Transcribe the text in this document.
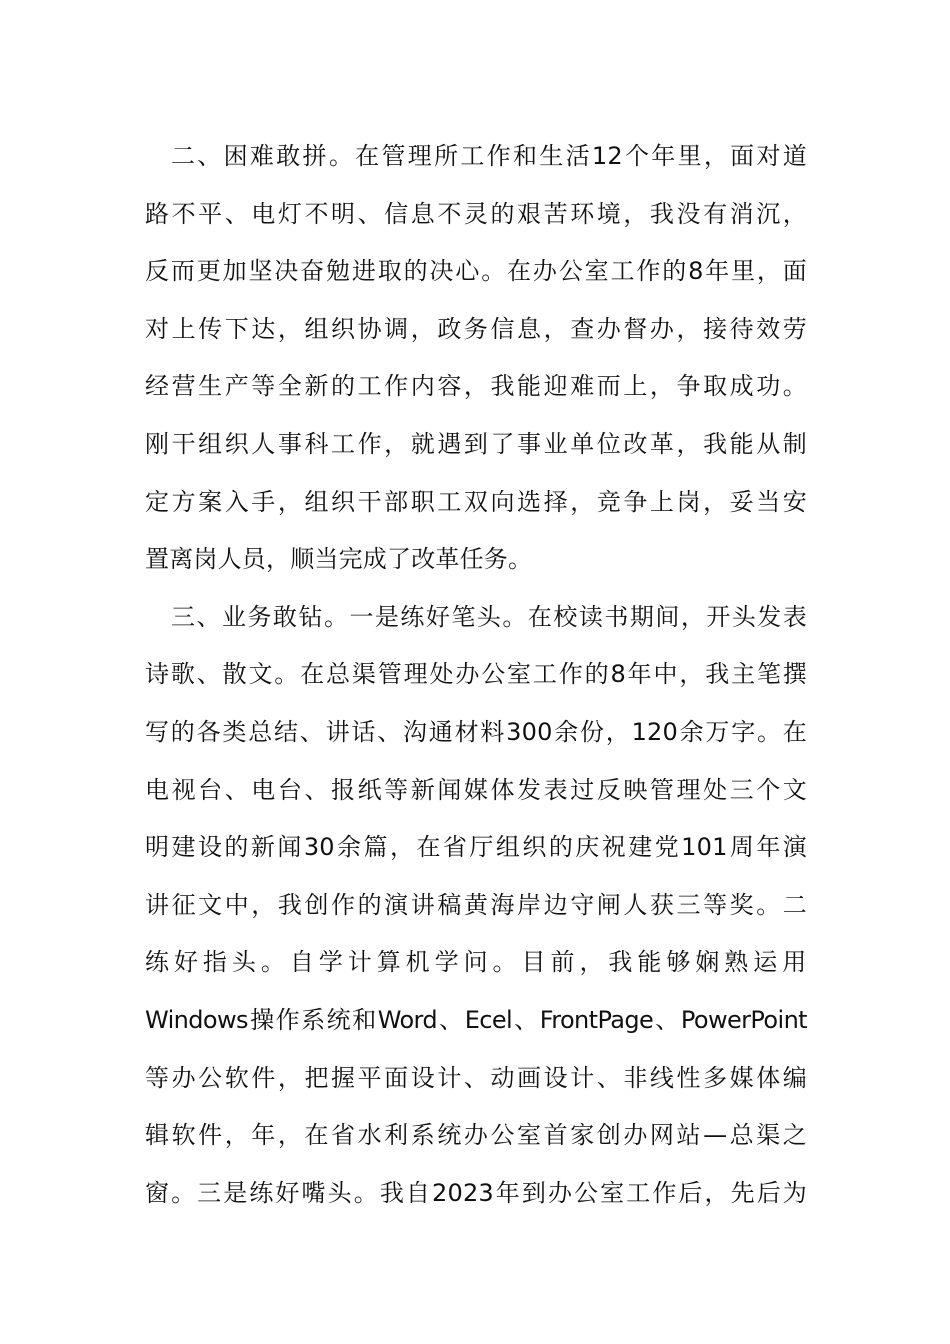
二、困难敢拼。在管理所工作和生活12个年里，面对道
路不平、电灯不明、信息不灵的艰苦环境，我没有消沉，
反而更加坚决奋勉进取的决心。在办公室工作的8年里，面
对上传下达，组织协调，政务信息，查办督办，接待效劳
经营生产等全新的工作内容，我能迎难而上，争取成功。
刚干组织人事科工作，就遇到了事业单位改革，我能从制
定方案入手，组织干部职工双向选择，竞争上岗，妥当安
置离岗人员，顺当完成了改革任务。
三、业务敢钻。一是练好笔头。在校读书期间，开头发表
诗歌、散文。在总渠管理处办公室工作的8年中，我主笔撰
写的各类总结、讲话、沟通材料300余份，120余万字。在
电视台、电台、报纸等新闻媒体发表过反映管理处三个文
明建设的新闻30余篇，在省厅组织的庆祝建党101周年演
讲征文中，我创作的演讲稿黄海岸边守闸人获三等奖。二
练好指头。自学计算机学问。目前，我能够娴熟运用
Windows操作系统和Word、Ecel、FrontPage、PowerPoint
等办公软件，把握平面设计、动画设计、非线性多媒体编
辑软件，年，在省水利系统办公室首家创办网站—总渠之
窗。三是练好嘴头。我自2023年到办公室工作后，先后为
